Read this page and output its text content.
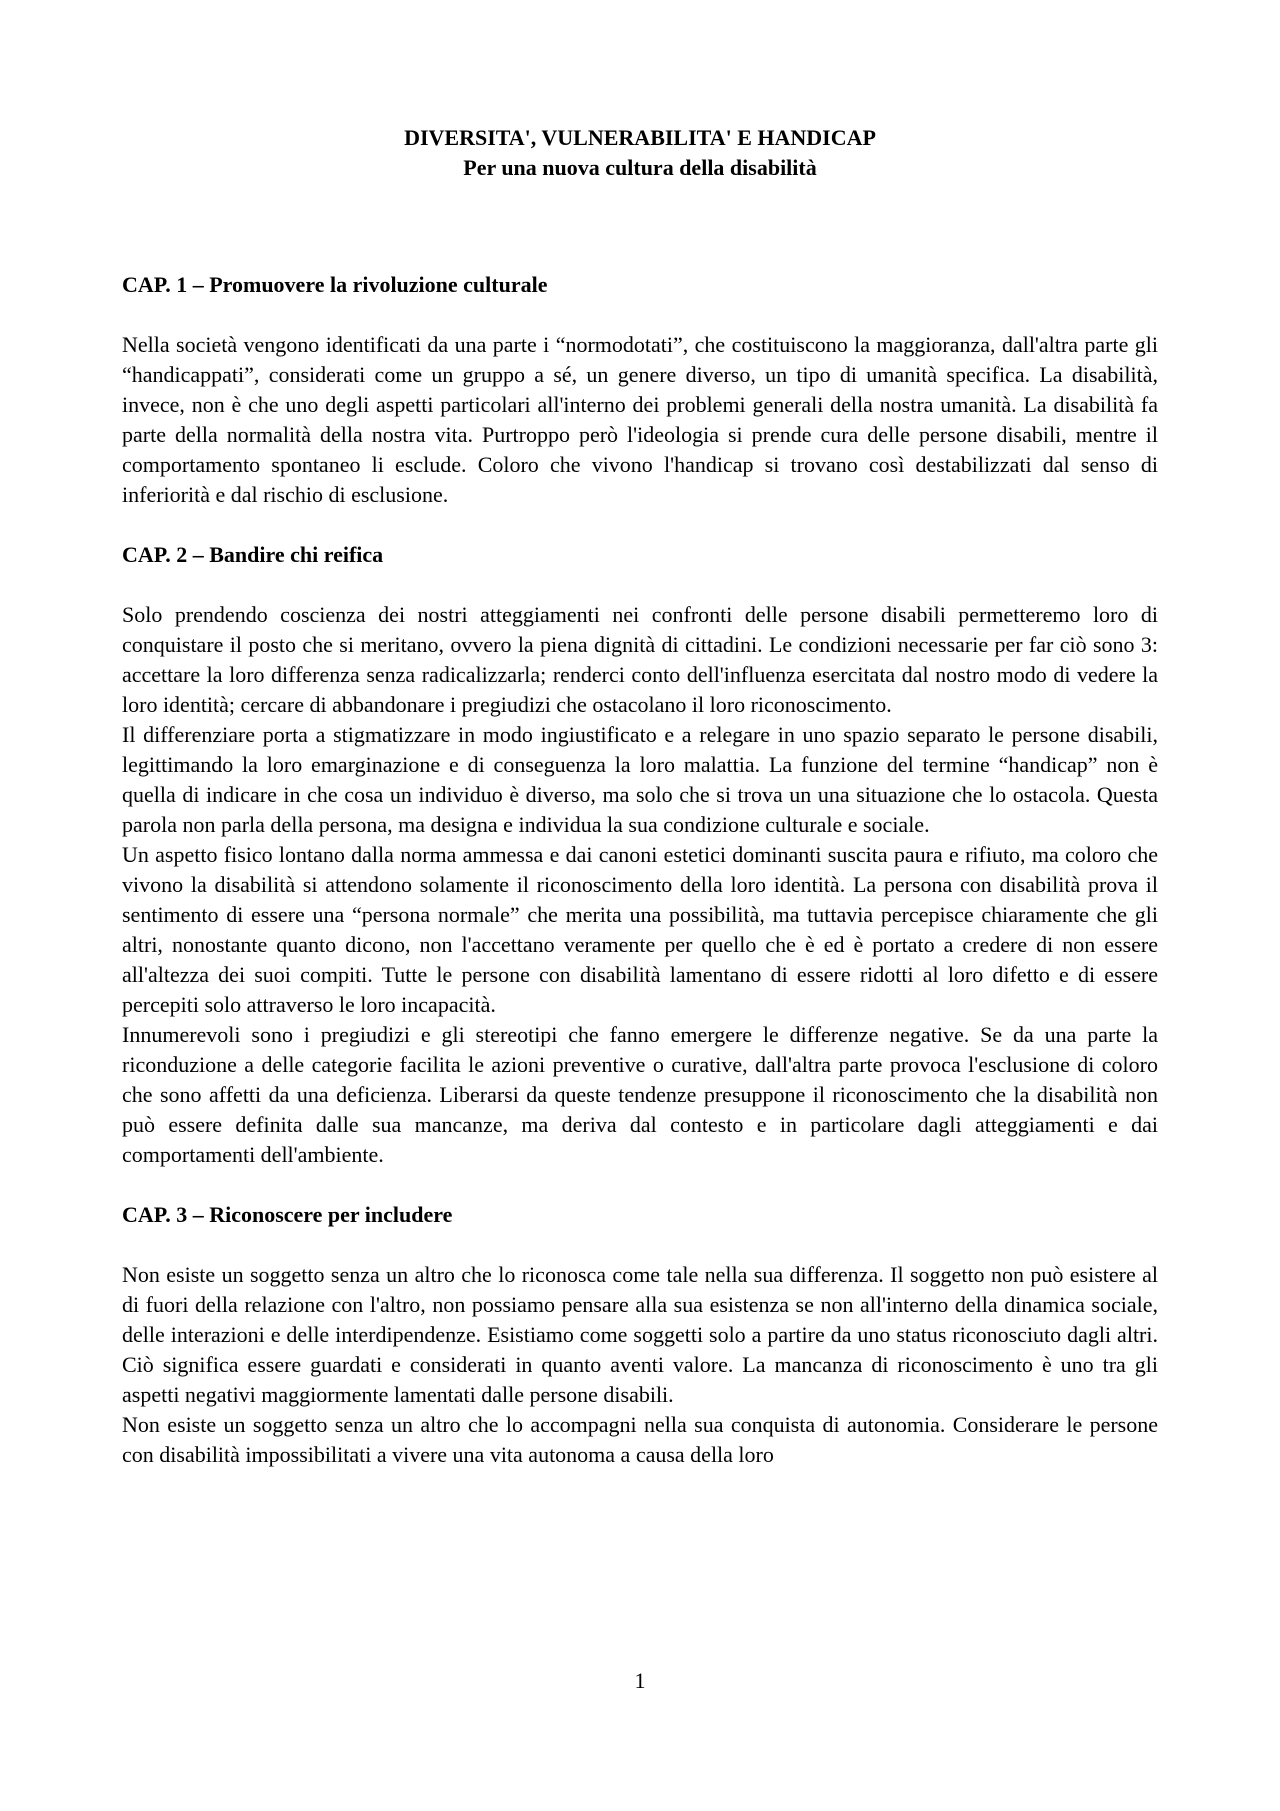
DIVERSITA', VULNERABILITA' E HANDICAP
Per una nuova cultura della disabilità
CAP. 1 – Promuovere la rivoluzione culturale

Nella società vengono identificati da una parte i “normodotati”, che costituiscono la maggioranza, dall'altra parte gli “handicappati”, considerati come un gruppo a sé, un genere diverso, un tipo di umanità specifica. La disabilità, invece, non è che uno degli aspetti particolari all'interno dei problemi generali della nostra umanità. La disabilità fa parte della normalità della nostra vita. Purtroppo però l'ideologia si prende cura delle persone disabili, mentre il comportamento spontaneo li esclude. Coloro che vivono l'handicap si trovano così destabilizzati dal senso di inferiorità e dal rischio di esclusione.

CAP. 2 – Bandire chi reifica

Solo prendendo coscienza dei nostri atteggiamenti nei confronti delle persone disabili permetteremo loro di conquistare il posto che si meritano, ovvero la piena dignità di cittadini. Le condizioni necessarie per far ciò sono 3: accettare la loro differenza senza radicalizzarla; renderci conto dell'influenza esercitata dal nostro modo di vedere la loro identità; cercare di abbandonare i pregiudizi che ostacolano il loro riconoscimento.

Il differenziare porta a stigmatizzare in modo ingiustificato e a relegare in uno spazio separato le persone disabili, legittimando la loro emarginazione e di conseguenza la loro malattia. La funzione del termine “handicap” non è quella di indicare in che cosa un individuo è diverso, ma solo che si trova un una situazione che lo ostacola. Questa parola non parla della persona, ma designa e individua la sua condizione culturale e sociale.

Un aspetto fisico lontano dalla norma ammessa e dai canoni estetici dominanti suscita paura e rifiuto, ma coloro che vivono la disabilità si attendono solamente il riconoscimento della loro identità. La persona con disabilità prova il sentimento di essere una “persona normale” che merita una possibilità, ma tuttavia percepisce chiaramente che gli altri, nonostante quanto dicono, non l'accettano veramente per quello che è ed è portato a credere di non essere all'altezza dei suoi compiti. Tutte le persone con disabilità lamentano di essere ridotti al loro difetto e di essere percepiti solo attraverso le loro incapacità.

Innumerevoli sono i pregiudizi e gli stereotipi che fanno emergere le differenze negative. Se da una parte la riconduzione a delle categorie facilita le azioni preventive o curative, dall'altra parte provoca l'esclusione di coloro che sono affetti da una deficienza. Liberarsi da queste tendenze presuppone il riconoscimento che la disabilità non può essere definita dalle sua mancanze, ma deriva dal contesto e in particolare dagli atteggiamenti e dai comportamenti dell'ambiente.

CAP. 3 – Riconoscere per includere

Non esiste un soggetto senza un altro che lo riconosca come tale nella sua differenza. Il soggetto non può esistere al di fuori della relazione con l'altro, non possiamo pensare alla sua esistenza se non all'interno della dinamica sociale, delle interazioni e delle interdipendenze. Esistiamo come soggetti solo a partire da uno status riconosciuto dagli altri. Ciò significa essere guardati e considerati in quanto aventi valore. La mancanza di riconoscimento è uno tra gli aspetti negativi maggiormente lamentati dalle persone disabili.

Non esiste un soggetto senza un altro che lo accompagni nella sua conquista di autonomia. Considerare le persone con disabilità impossibilitati a vivere una vita autonoma a causa della loro

1
